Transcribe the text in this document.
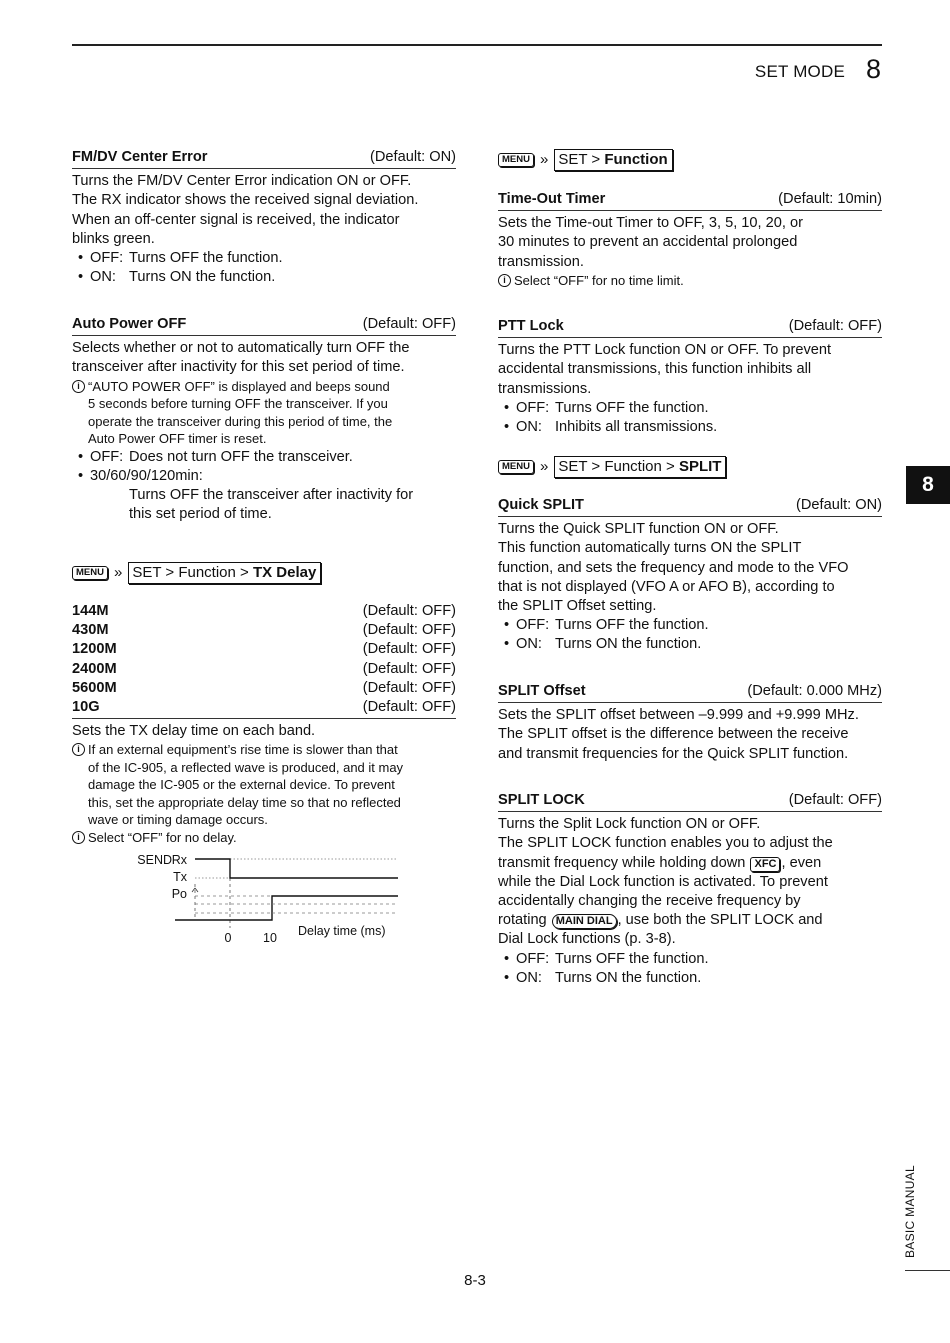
SET MODE 8
FM/DV Center Error	(Default: ON)

Turns the FM/DV Center Error indication ON or OFF.

The RX indicator shows the received signal deviation.

When an off-center signal is received, the indicator

blinks green.

• OFF: Turns OFF the function.

• ON: Turns ON the function.

Auto Power OFF	(Default: OFF)

Selects whether or not to automatically turn OFF the

transceiver after inactivity for this set period of time.

i “AUTO POWER OFF” is displayed and beeps sound
5 seconds before turning OFF the transceiver. If you
operate the transceiver during this period of time, the
Auto Power OFF timer is reset.

• OFF: Does not turn OFF the transceiver.

• 30/60/90/120min:

Turns OFF the transceiver after inactivity for

this set period of time.

MENU » SET > Function > TX Delay
144M	(Default: OFF)
430M	(Default: OFF)
1200M	(Default: OFF)
2400M	(Default: OFF)
5600M	(Default: OFF)
10G	(Default: OFF)

Sets the TX delay time on each band.

i If an external equipment’s rise time is slower than that
of the IC-905, a reflected wave is produced, and it may
damage the IC-905 or the external device. To prevent
this, set the appropriate delay time so that no reflected
wave or timing damage occurs.
i Select “OFF” for no delay.
SEND Rx
Tx
Po
0	10 Delay time (ms)
MENU » SET > Function
Time-Out Timer	(Default: 10min)

Sets the Time-out Timer to OFF, 3, 5, 10, 20, or

30 minutes to prevent an accidental prolonged

transmission.

i Select “OFF” for no time limit.
PTT Lock	(Default: OFF)

Turns the PTT Lock function ON or OFF. To prevent

accidental transmissions, this function inhibits all

transmissions.

• OFF: Turns OFF the function.

• ON: Inhibits all transmissions.

MENU » SET > Function > SPLIT
Quick SPLIT	(Default: ON)

Turns the Quick SPLIT function ON or OFF.

This function automatically turns ON the SPLIT

function, and sets the frequency and mode to the VFO

that is not displayed (VFO A or AFO B), according to

the SPLIT Offset setting.

• OFF: Turns OFF the function.

• ON: Turns ON the function.

SPLIT Offset	(Default: 0.000 MHz)

Sets the SPLIT offset between –9.999 and +9.999 MHz.

The SPLIT offset is the difference between the receive

and transmit frequencies for the Quick SPLIT function.

SPLIT LOCK	(Default: OFF)

Turns the Split Lock function ON or OFF.

The SPLIT LOCK function enables you to adjust the

transmit frequency while holding down XFC , even

while the Dial Lock function is activated. To prevent

accidentally changing the receive frequency by

rotating MAIN DIAL , use both the SPLIT LOCK and

Dial Lock functions (p. 3-8).

• OFF: Turns OFF the function.

• ON: Turns ON the function.

8
BASIC MANUAL
8-3
